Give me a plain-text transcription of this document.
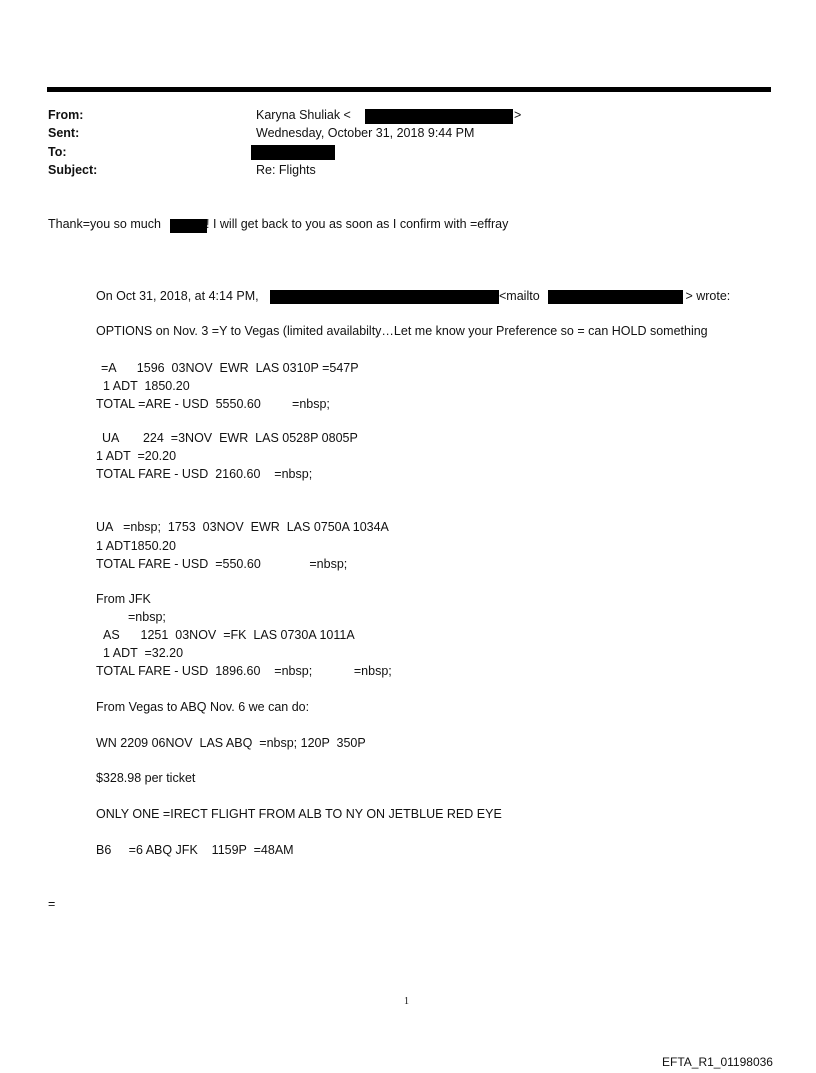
From:	Karyna Shuliak <	>
Sent:	Wednesday, October 31, 2018 9:44 PM
To:
Subject:	Re: Flights
Thank=you so much	! I will get back to you as soon as I confirm with =effray
On Oct 31, 2018, at 4:14 PM,	<mailto	> wrote:
OPTIONS on Nov. 3 =Y to Vegas (limited availabilty…Let me know your Preference so = can HOLD something
=A      1596  03NOV  EWR  LAS 0310P =547P
1 ADT  1850.20
TOTAL =ARE - USD  5550.60         =nbsp;
UA       224  =3NOV  EWR  LAS 0528P 0805P
1 ADT  =20.20
TOTAL FARE - USD  2160.60    =nbsp;
UA   =nbsp;  1753  03NOV  EWR  LAS 0750A 1034A
1 ADT1850.20
TOTAL FARE - USD  =550.60              =nbsp;
From JFK
=nbsp;
AS      1251  03NOV  =FK  LAS 0730A 1011A
1 ADT  =32.20
TOTAL FARE - USD  1896.60    =nbsp;            =nbsp;
From Vegas to ABQ Nov. 6 we can do:
WN 2209 06NOV  LAS ABQ  =nbsp; 120P  350P
$328.98 per ticket
ONLY ONE =IRECT FLIGHT FROM ALB TO NY ON JETBLUE RED EYE
B6     =6 ABQ JFK    1159P  =48AM
=
1
EFTA_R1_01198036
